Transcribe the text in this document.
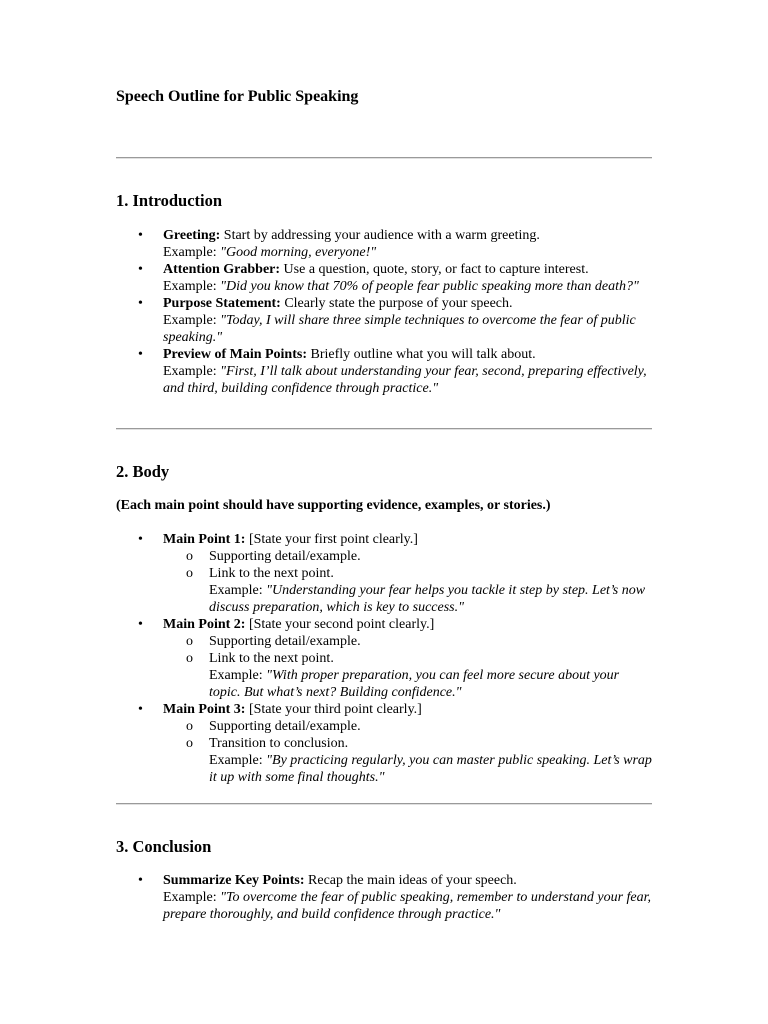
Speech Outline for Public Speaking
1. Introduction
• Greeting: Start by addressing your audience with a warm greeting.
Example: "Good morning, everyone!"
• Attention Grabber: Use a question, quote, story, or fact to capture interest.
Example: "Did you know that 70% of people fear public speaking more than death?"
• Purpose Statement: Clearly state the purpose of your speech.
Example: "Today, I will share three simple techniques to overcome the fear of public speaking."
• Preview of Main Points: Briefly outline what you will talk about.
Example: "First, I’ll talk about understanding your fear, second, preparing effectively, and third, building confidence through practice."
2. Body

(Each main point should have supporting evidence, examples, or stories.)

• Main Point 1: [State your first point clearly.]
o Supporting detail/example.
o Link to the next point.
Example: "Understanding your fear helps you tackle it step by step. Let’s now discuss preparation, which is key to success."
• Main Point 2: [State your second point clearly.]
o Supporting detail/example.
o Link to the next point.
Example: "With proper preparation, you can feel more secure about your topic. But what’s next? Building confidence."
• Main Point 3: [State your third point clearly.]
o Supporting detail/example.
o Transition to conclusion.
Example: "By practicing regularly, you can master public speaking. Let’s wrap it up with some final thoughts."
3. Conclusion
• Summarize Key Points: Recap the main ideas of your speech.
Example: "To overcome the fear of public speaking, remember to understand your fear, prepare thoroughly, and build confidence through practice."
